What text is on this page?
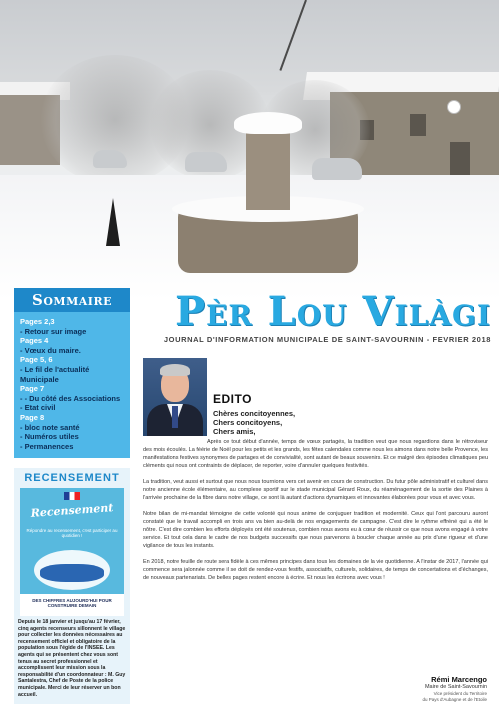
Pèr Lou Vilàgi
JOURNAL D'INFORMATION MUNICIPALE DE SAINT-SAVOURNIN - FEVRIER 2018
Sommaire
Pages 2,3
- Retour sur image
Pages 4
- Vœux du maire.
Page 5, 6
- Le fil de l'actualité Municipale
Page 7
- - Du côté des Associations
- Etat civil
Page 8
- bloc note santé
- Numéros utiles
- Permanences
RECENSEMENT
Recensement
Répondre au recensement, c'est participer au quotidien !
DES CHIFFRES AUJOURD'HUI POUR CONSTRUIRE DEMAIN
Depuis le 18 janvier et jusqu'au 17 février, cinq agents recenseurs sillonnent le village pour collecter les données nécessaires au recensement officiel et obligatoire de la population sous l'égide de l'INSEE. Les agents qui se présentent chez vous sont tenus au secret professionnel et accomplissent leur mission sous la responsabilité d'un coordonnateur : M. Guy Santalestra, Chef de Poste de la police municipale. Merci de leur réserver un bon accueil.
EDITO
Chères concitoyennes,
Chers concitoyens,
Chers amis,

Après ce tout début d'année, temps de vœux partagés, la tradition veut que nous regardions dans le rétroviseur des mois écoulés. La féérie de Noël pour les petits et les grands, les fêtes calendales comme nous les aimons dans notre belle Provence, les manifestations festives synonymes de partages et de convivialité, sont autant de beaux souvenirs. Et ce malgré des épisodes climatiques peu cléments qui nous ont contraints de déplacer, de reporter, voire d'annuler quelques festivités.

La tradition, veut aussi et surtout que nous nous tournions vers cet avenir en cours de construction. Du futur pôle administratif et culturel dans notre ancienne école élémentaire, au complexe sportif sur le stade municipal Gérard Roux, du réaménagement de la sortie des Plaines à l'arrivée prochaine de la fibre dans notre village, ce sont là autant d'actions dynamiques et innovantes élaborées pour vous et avec vous.

Notre bilan de mi-mandat témoigne de cette volonté qui nous anime de conjuguer tradition et modernité. Ceux qui l'ont parcouru auront constaté que le travail accompli en trois ans va bien au-delà de nos engagements de campagne. C'est dire le rythme effréné qui a été le nôtre. C'est dire combien les efforts déployés ont été soutenus, combien nous avons eu à cœur de réussir ce que nous avons engagé à votre service. Et tout cela dans le cadre de nos budgets successifs que nous parvenons à boucler chaque année au prix d'une rigueur et d'une vigilance de tous les instants.

En 2018, notre feuille de route sera fidèle à ces mêmes principes dans tous les domaines de la vie quotidienne. A l'instar de 2017, l'année qui commence sera jalonnée comme il se doit de rendez-vous festifs, associatifs, culturels, solidaires, de temps de concertations et d'échanges, de nouveaux partenariats. De belles pages restent encore à écrire. Et nous les écrirons avec vous !

Rémi Marcengo
Maire de Saint-Savournin
Vice président du Territoire
du Pays d'Aubagne et de l'Etoile
